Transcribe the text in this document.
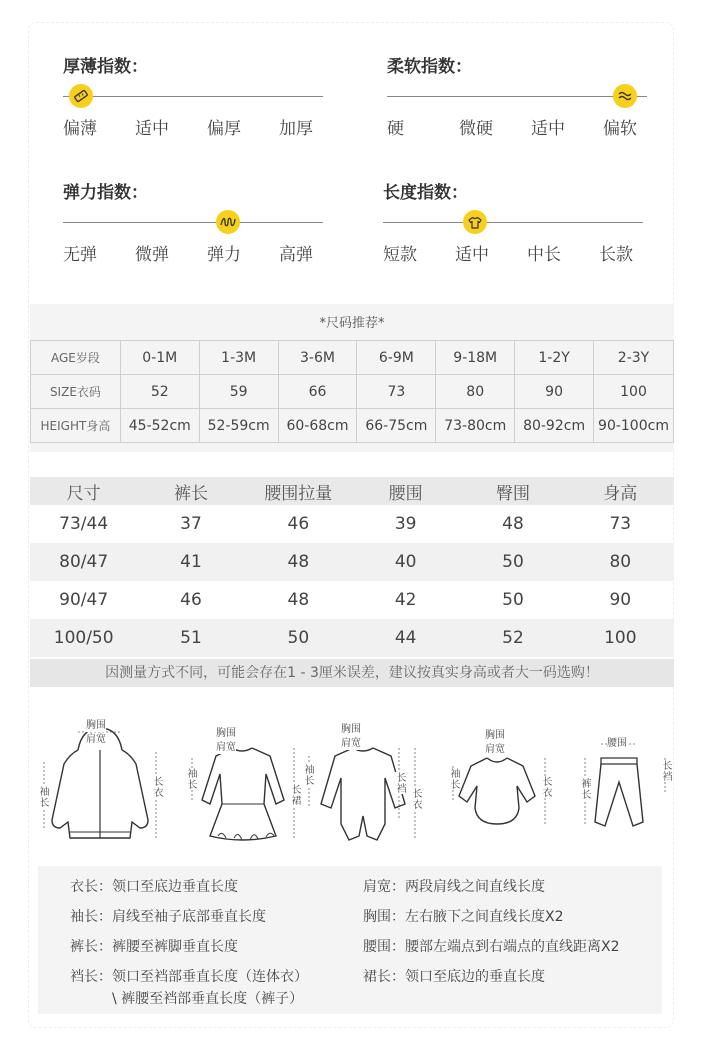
厚薄指数：
偏薄	适中	偏厚	加厚
柔软指数：
硬	微硬	适中	偏软
弹力指数：
无弹	微弹	弹力	高弹
长度指数：
短款	适中	中长	长款
*尺码推荐*
AGE岁段	0-1M	1-3M	3-6M	6-9M	9-18M	1-2Y	2-3Y
SIZE衣码	52	59	66	73	80	90	100
HEIGHT身高	45-52cm	52-59cm	60-68cm	66-75cm	73-80cm	80-92cm	90-100cm
尺寸	裤长	腰围拉量	腰围	臀围	身高
73/44	37	46	39	48	73
80/47	41	48	40	50	80
90/47	46	48	42	50	90
100/50	51	50	44	52	100
因测量方式不同，可能会存在1 - 3厘米误差，建议按真实身高或者大一码选购！
胸围
肩宽
袖长	长衣
胸围
肩宽
袖长
长裙
胸围
肩宽
袖长	长裆
长衣
胸围
肩宽
袖长	长衣
腰围
裤长
长裆
衣长：领口至底边垂直长度
袖长：肩线至袖子底部垂直长度
裤长：裤腰至裤脚垂直长度
裆长：领口至裆部垂直长度（连体衣）
\ 裤腰至裆部垂直长度（裤子）
肩宽：两段肩线之间直线长度
胸围：左右腋下之间直线长度X2
腰围：腰部左端点到右端点的直线距离X2
裙长：领口至底边的垂直长度
